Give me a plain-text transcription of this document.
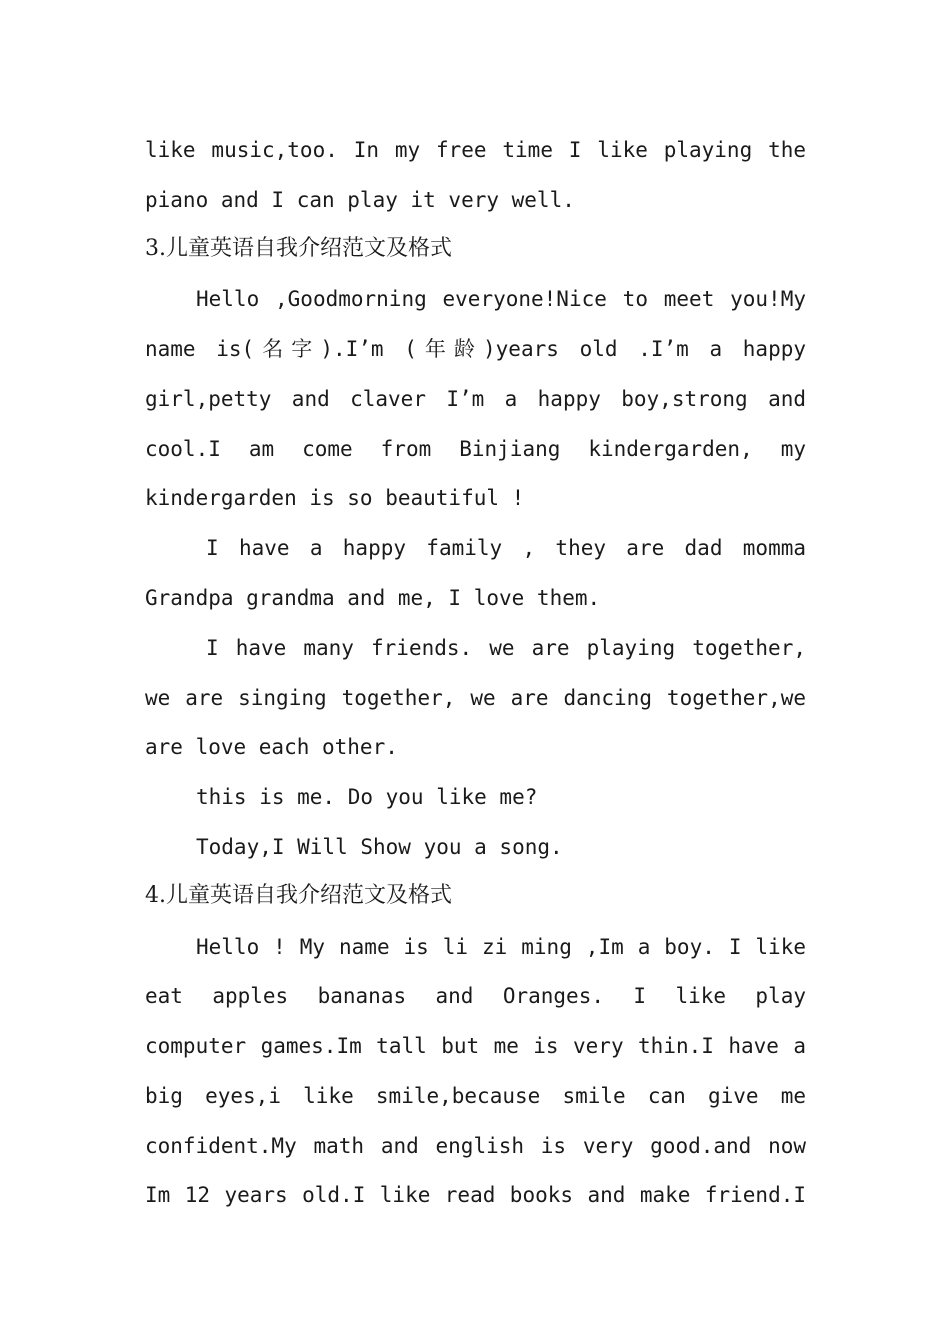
like music,too. In my free time I like playing the
piano and I can play it very well.
3.儿童英语自我介绍范文及格式
Hello ,Goodmorning everyone!Nice to meet you!My
name is(名字).I’m (年龄)years old .I’m a happy
girl,petty and claver I’m a happy boy,strong and
cool.I am come from Binjiang kindergarden, my
kindergarden is so beautiful !
I have a happy family , they are dad momma
Grandpa grandma and me, I love them.
I have many friends. we are playing together,
we are singing together, we are dancing together,we
are love each other.
this is me. Do you like me?
Today,I Will Show you a song.
4.儿童英语自我介绍范文及格式
Hello ! My name is li zi ming ,Im a boy. I like
eat apples bananas and Oranges. I like play
computer games.Im tall but me is very thin.I have a
big eyes,i like smile,because smile can give me
confident.My math and english is very good.and now
Im 12 years old.I like read books and make friend.I
